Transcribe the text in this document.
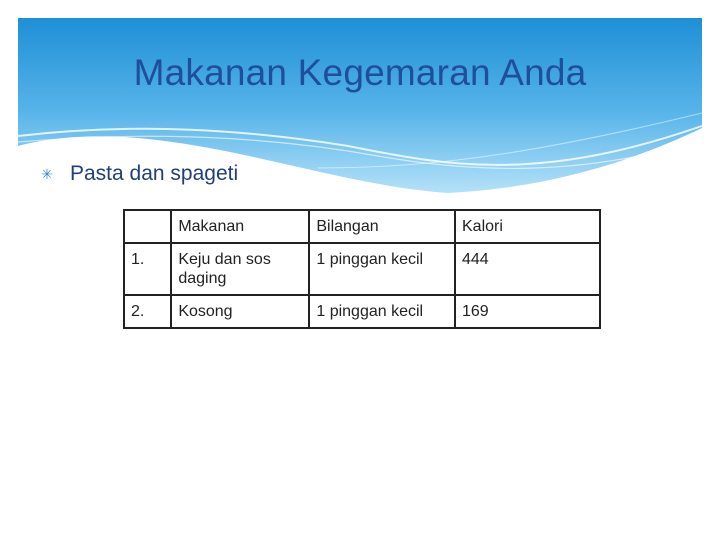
Makanan Kegemaran Anda
✳ Pasta dan spageti
	Makanan	Bilangan	Kalori
1.	Keju dan sos daging	1 pinggan kecil	444
2.	Kosong	1 pinggan kecil	169
